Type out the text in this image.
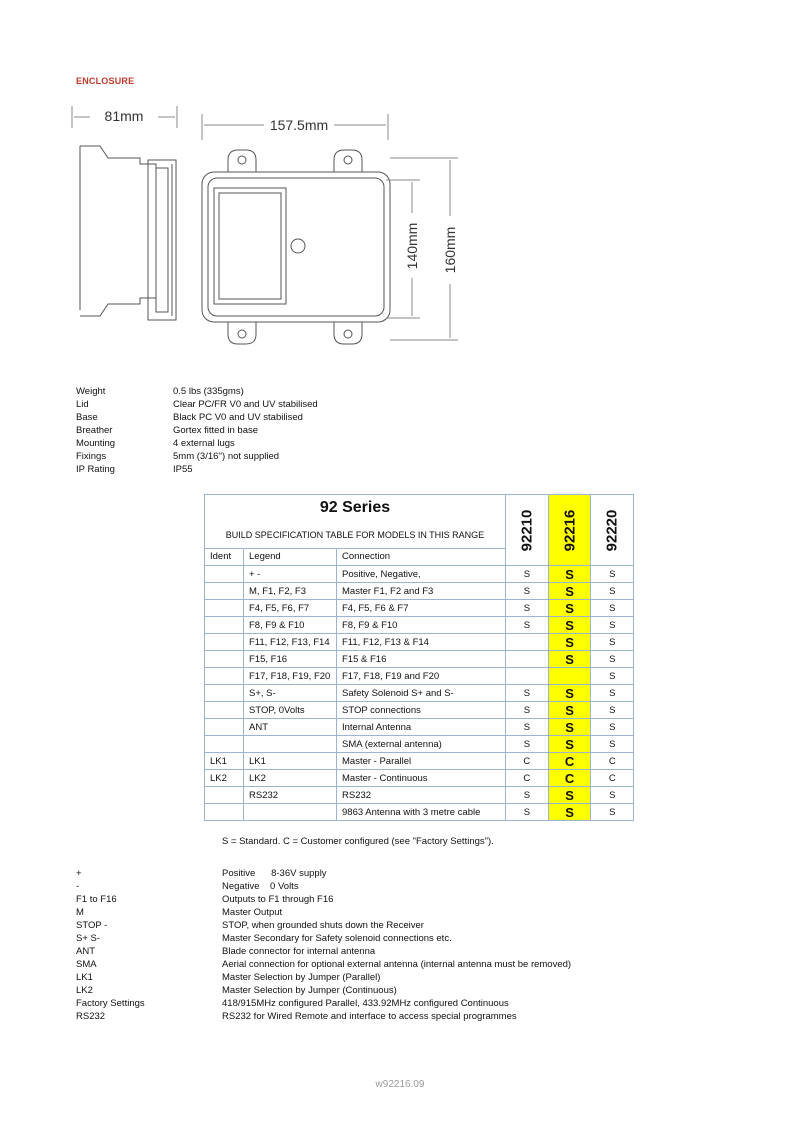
ENCLOSURE
81mm
157.5mm
140mm 160mm
Weight	0.5 lbs (335gms)
Lid	Clear PC/FR V0 and UV stabilised
Base	Black PC V0 and UV stabilised
Breather	Gortex fitted in base
Mounting	4 external lugs
Fixings	5mm (3/16'') not supplied
IP Rating	IP55
92 Series			92210	92216	92220
BUILD SPECIFICATION TABLE FOR MODELS IN THIS RANGE					
Ident	Legend	Connection			
	+ -	Positive, Negative,	S	S	S
	M, F1, F2, F3	Master F1, F2 and F3	S	S	S
	F4, F5, F6, F7	F4, F5, F6 & F7	S	S	S
	F8, F9 & F10	F8, F9 & F10	S	S	S
	F11, F12, F13, F14	F11, F12, F13 & F14		S	S
	F15, F16	F15 & F16		S	S
	F17, F18, F19, F20	F17, F18, F19 and F20			S
	S+, S-	Safety Solenoid S+ and S-	S	S	S
	STOP, 0Volts	STOP connections	S	S	S
	ANT	Internal Antenna	S	S	S
		SMA (external antenna)	S	S	S
LK1	LK1	Master - Parallel	C	C	C
LK2	LK2	Master - Continuous	C	C	C
	RS232	RS232	S	S	S
		9863 Antenna with 3 metre cable	S	S	S
S = Standard. C = Customer configured (see "Factory Settings").
+	Positive      8-36V supply
-	Negative    0 Volts
F1 to F16	Outputs to F1 through F16
M	Master Output
STOP -	STOP, when grounded shuts down the Receiver
S+ S-	Master Secondary for Safety solenoid connections etc.
ANT	Blade connector for internal antenna
SMA	Aerial connection for optional external antenna (internal antenna must be removed)
LK1	Master Selection by Jumper (Parallel)
LK2	Master Selection by Jumper (Continuous)
Factory Settings	418/915MHz configured Parallel, 433.92MHz configured Continuous
RS232	RS232 for Wired Remote and interface to access special programmes
w92216.09
